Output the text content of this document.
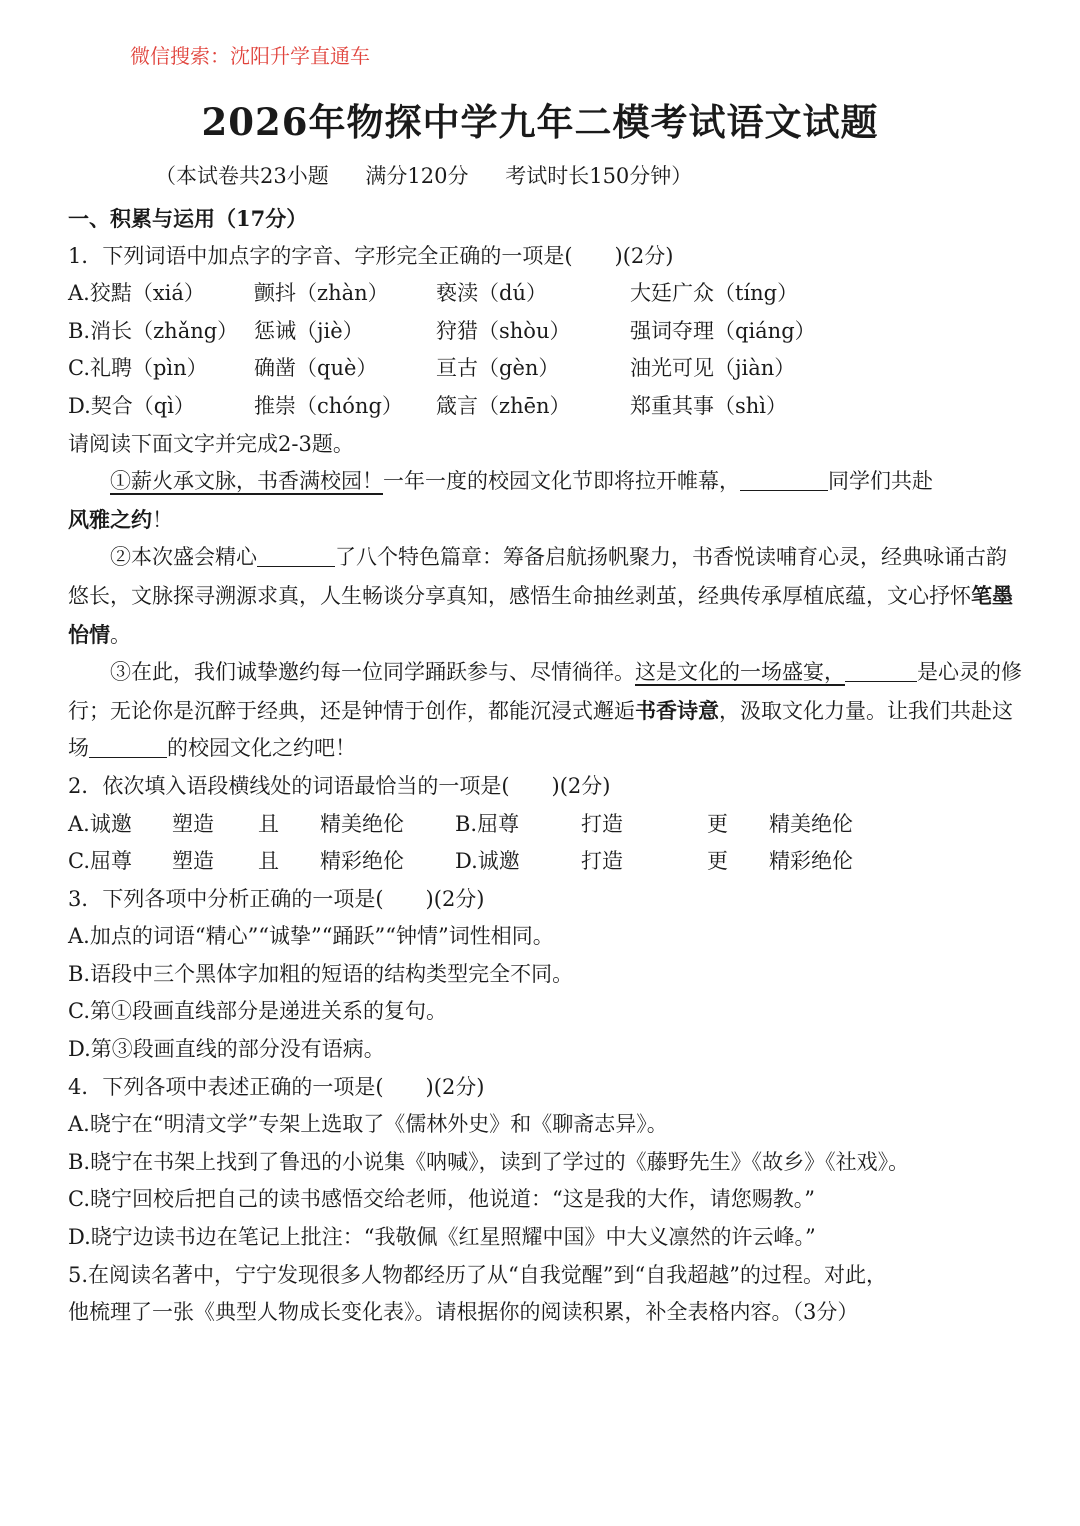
微信搜索：沈阳升学直通车
2026年物探中学九年二模考试语文试题
（本试卷共23小题 满分120分 考试时长150分钟）
一、积累与运用（17分）
1．下列词语中加点字的字音、字形完全正确的一项是(　　)(2分)
A.狡黠（xiá）	颤抖（zhàn）	亵渎（dú）	大廷广众（tíng）
B.消长（zhǎng） 惩诫（jiè）	狩猎（shòu）	强词夺理（qiáng）
C.礼聘（pìn）	确凿（què）	亘古（gèn）	油光可见（jiàn）
D.契合（qì）	推崇（chóng）	箴言（zhēn）	郑重其事（shì）
请阅读下面文字并完成2-3题。

①薪火承文脉，书香满校园！一年一度的校园文化节即将拉开帷幕，	同学们共赴
风雅之约！

②本次盛会精心	了八个特色篇章：筹备启航扬帆聚力，书香悦读哺育心灵，经典咏诵古韵悠长，文脉探寻溯源求真，人生畅谈分享真知，感悟生命抽丝剥茧，经典传承厚植底蕴，文心抒怀笔墨怡情。

③在此，我们诚挚邀约每一位同学踊跃参与、尽情徜徉。这是文化的一场盛宴，	是心灵的修行；无论你是沉醉于经典，还是钟情于创作，都能沉浸式邂逅书香诗意，汲取文化力量。让我们共赴这场	的校园文化之约吧！

2．依次填入语段横线处的词语最恰当的一项是(　　)(2分)
A.诚邀	塑造	且	精美绝伦	B.屈尊	打造	更	精美绝伦
C.屈尊	塑造	且	精彩绝伦	D.诚邀	打造	更	精彩绝伦
3．下列各项中分析正确的一项是(　　)(2分)
A.加点的词语“精心”“诚挚”“踊跃”“钟情”词性相同。
B.语段中三个黑体字加粗的短语的结构类型完全不同。
C.第①段画直线部分是递进关系的复句。
D.第③段画直线的部分没有语病。
4．下列各项中表述正确的一项是(　　)(2分)
A.晓宁在“明清文学”专架上选取了《儒林外史》和《聊斋志异》。
B.晓宁在书架上找到了鲁迅的小说集《呐喊》，读到了学过的《藤野先生》《故乡》《社戏》。
C.晓宁回校后把自己的读书感悟交给老师，他说道：“这是我的大作，请您赐教。”
D.晓宁边读书边在笔记上批注：“我敬佩《红星照耀中国》中大义凛然的许云峰。”
5.在阅读名著中，宁宁发现很多人物都经历了从“自我觉醒”到“自我超越”的过程。对此，
他梳理了一张《典型人物成长变化表》。请根据你的阅读积累，补全表格内容。（3分）
